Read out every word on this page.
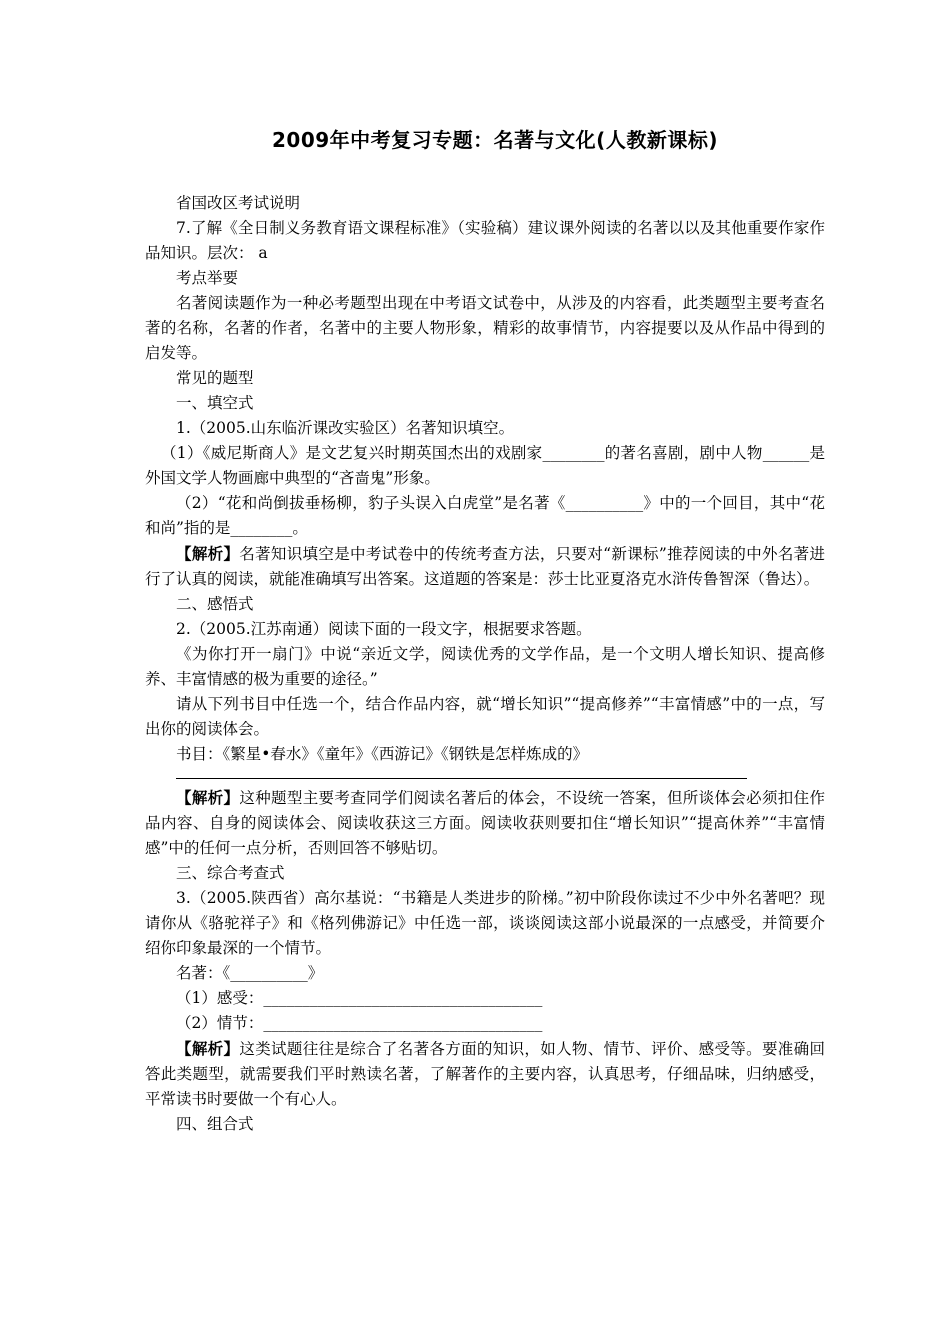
2009年中考复习专题：名著与文化(人教新课标)

省国改区考试说明

7.了解《全日制义务教育语文课程标准》（实验稿）建议课外阅读的名著以以及其他重要作家作品知识。层次： a

考点举要

名著阅读题作为一种必考题型出现在中考语文试卷中，从涉及的内容看，此类题型主要考查名著的名称，名著的作者，名著中的主要人物形象，精彩的故事情节，内容提要以及从作品中得到的启发等。

常见的题型

一、填空式

1.（2005.山东临沂课改实验区）名著知识填空。

（1）《威尼斯商人》是文艺复兴时期英国杰出的戏剧家________的著名喜剧，剧中人物______是外国文学人物画廊中典型的“吝啬鬼”形象。

（2）“花和尚倒拔垂杨柳，豹子头误入白虎堂”是名著《__________》中的一个回目，其中“花和尚”指的是________。

【解析】名著知识填空是中考试卷中的传统考查方法，只要对“新课标”推荐阅读的中外名著进行了认真的阅读，就能准确填写出答案。这道题的答案是：莎士比亚夏洛克水浒传鲁智深（鲁达）。

二、感悟式

2.（2005.江苏南通）阅读下面的一段文字，根据要求答题。

《为你打开一扇门》中说“亲近文学，阅读优秀的文学作品，是一个文明人增长知识、提高修养、丰富情感的极为重要的途径。”

请从下列书目中任选一个，结合作品内容，就“增长知识”“提高修养”“丰富情感”中的一点，写出你的阅读体会。

书目：《繁星•春水》《童年》《西游记》《钢铁是怎样炼成的》

【解析】这种题型主要考查同学们阅读名著后的体会，不设统一答案，但所谈体会必须扣住作品内容、自身的阅读体会、阅读收获这三方面。阅读收获则要扣住“增长知识”“提高休养”“丰富情感”中的任何一点分析，否则回答不够贴切。

三、综合考查式

3.（2005.陕西省）高尔基说：“书籍是人类进步的阶梯。”初中阶段你读过不少中外名著吧？现请你从《骆驼祥子》和《格列佛游记》中任选一部，谈谈阅读这部小说最深的一点感受，并简要介绍你印象最深的一个情节。

名著：《__________》

（1）感受：____________________________________

（2）情节：____________________________________

【解析】这类试题往往是综合了名著各方面的知识，如人物、情节、评价、感受等。要准确回答此类题型，就需要我们平时熟读名著，了解著作的主要内容，认真思考，仔细品味，归纳感受，平常读书时要做一个有心人。

四、组合式
